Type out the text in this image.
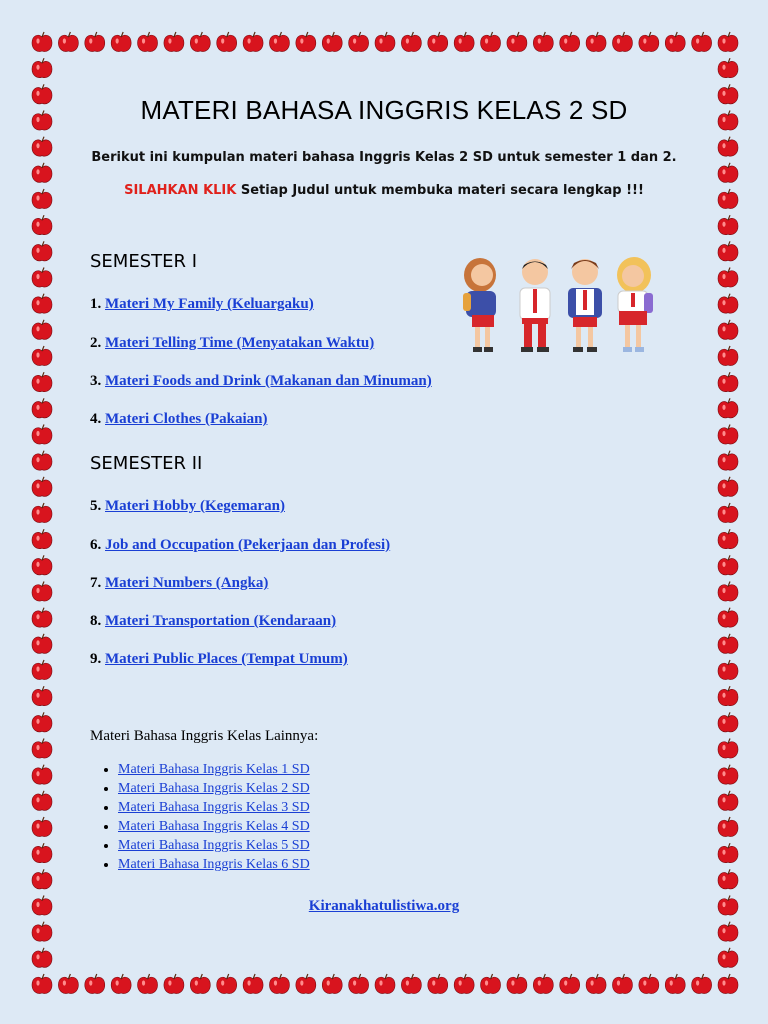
MATERI BAHASA INGGRIS KELAS 2 SD
Berikut ini kumpulan materi bahasa Inggris Kelas 2 SD untuk semester 1 dan 2.
SILAHKAN KLIK Setiap Judul untuk membuka materi secara lengkap !!!
SEMESTER I
1. Materi My Family (Keluargaku)
2. Materi Telling Time (Menyatakan Waktu)
3. Materi Foods and Drink (Makanan dan Minuman)
4. Materi Clothes (Pakaian)
SEMESTER II
5. Materi Hobby (Kegemaran)
6. Job and Occupation (Pekerjaan dan Profesi)
7. Materi Numbers (Angka)
8. Materi Transportation (Kendaraan)
9. Materi Public Places (Tempat Umum)
Materi Bahasa Inggris Kelas Lainnya:
• Materi Bahasa Inggris Kelas 1 SD
• Materi Bahasa Inggris Kelas 2 SD
• Materi Bahasa Inggris Kelas 3 SD
• Materi Bahasa Inggris Kelas 4 SD
• Materi Bahasa Inggris Kelas 5 SD
• Materi Bahasa Inggris Kelas 6 SD
Kiranakhatulistiwa.org
